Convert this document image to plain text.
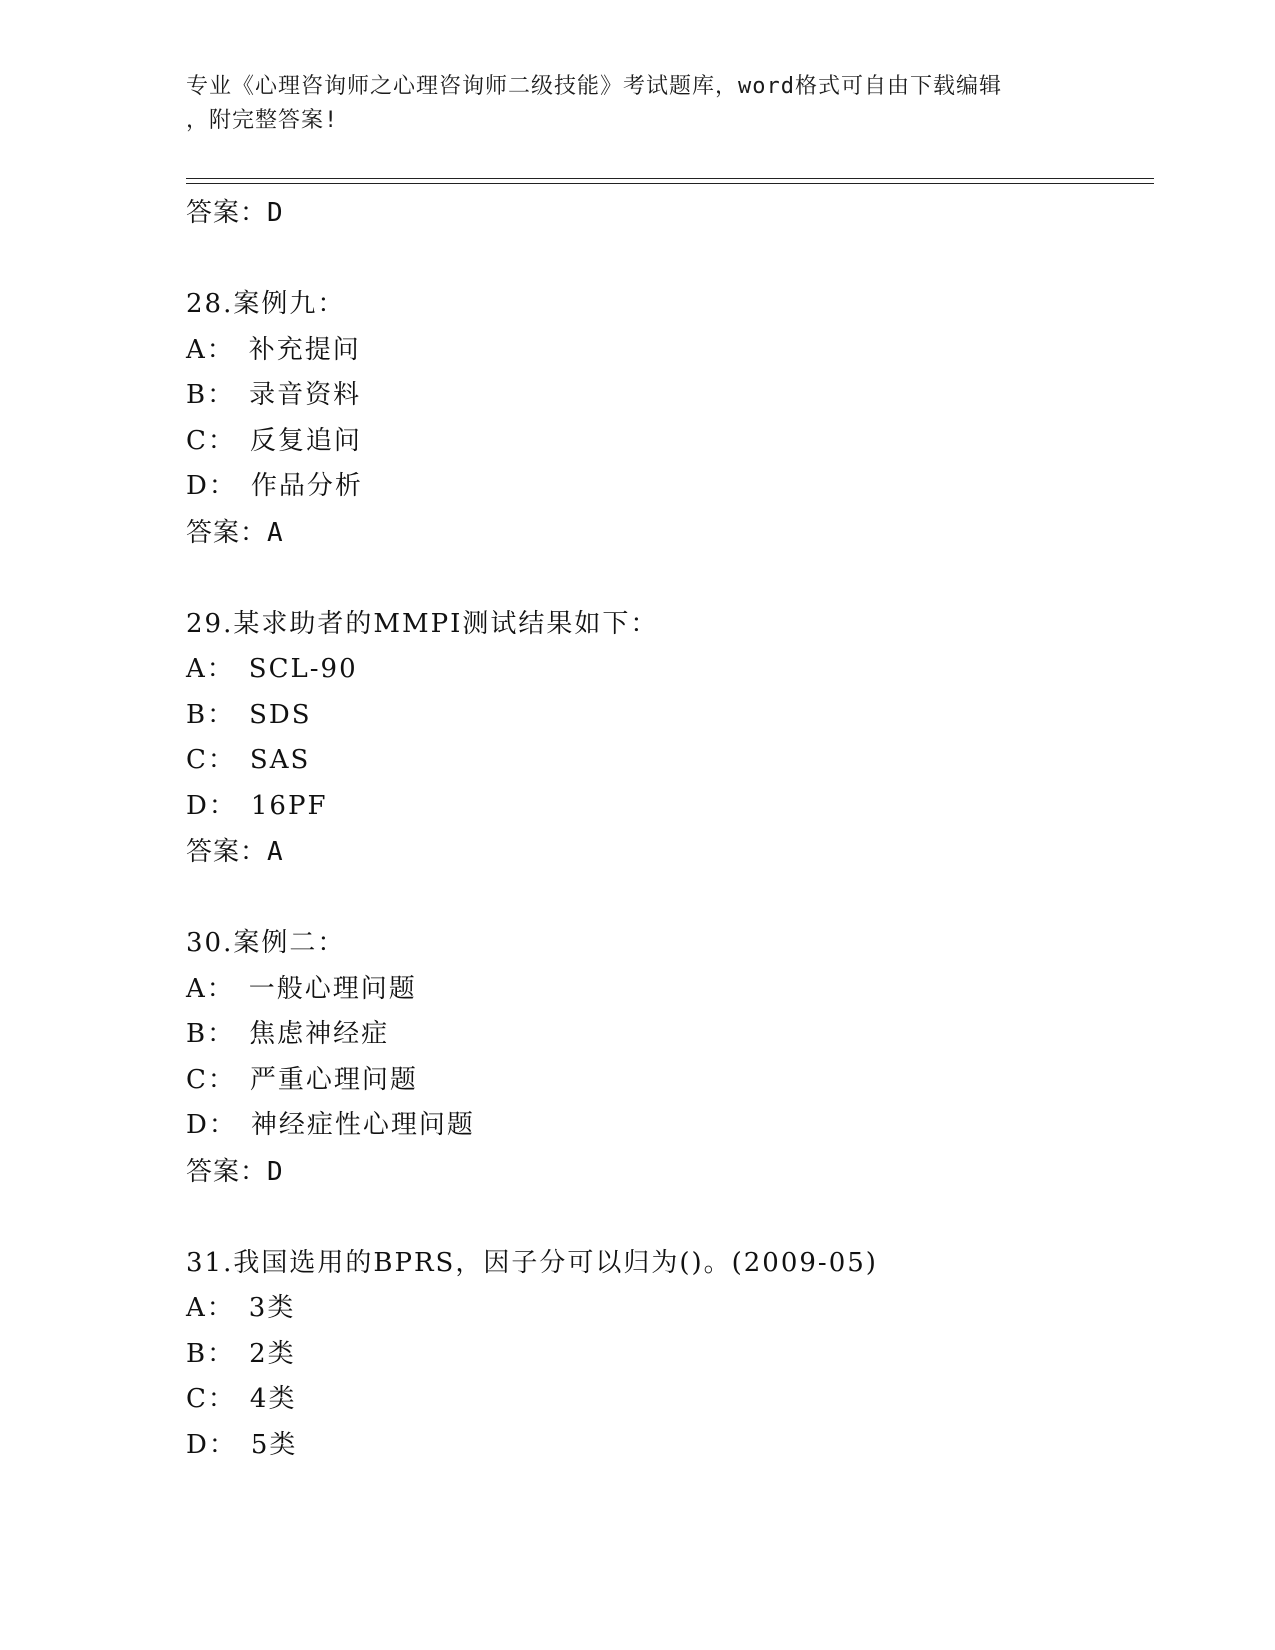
专业《心理咨询师之心理咨询师二级技能》考试题库，word格式可自由下载编辑
，附完整答案!
答案：D
28.案例九：
A： 补充提问
B： 录音资料
C： 反复追问
D： 作品分析
答案：A
29.某求助者的MMPI测试结果如下：
A： SCL-90
B： SDS
C： SAS
D： 16PF
答案：A
30.案例二：
A： 一般心理问题
B： 焦虑神经症
C： 严重心理问题
D： 神经症性心理问题
答案：D
31.我国选用的BPRS，因子分可以归为()。(2009-05)
A： 3类
B： 2类
C： 4类
D： 5类
